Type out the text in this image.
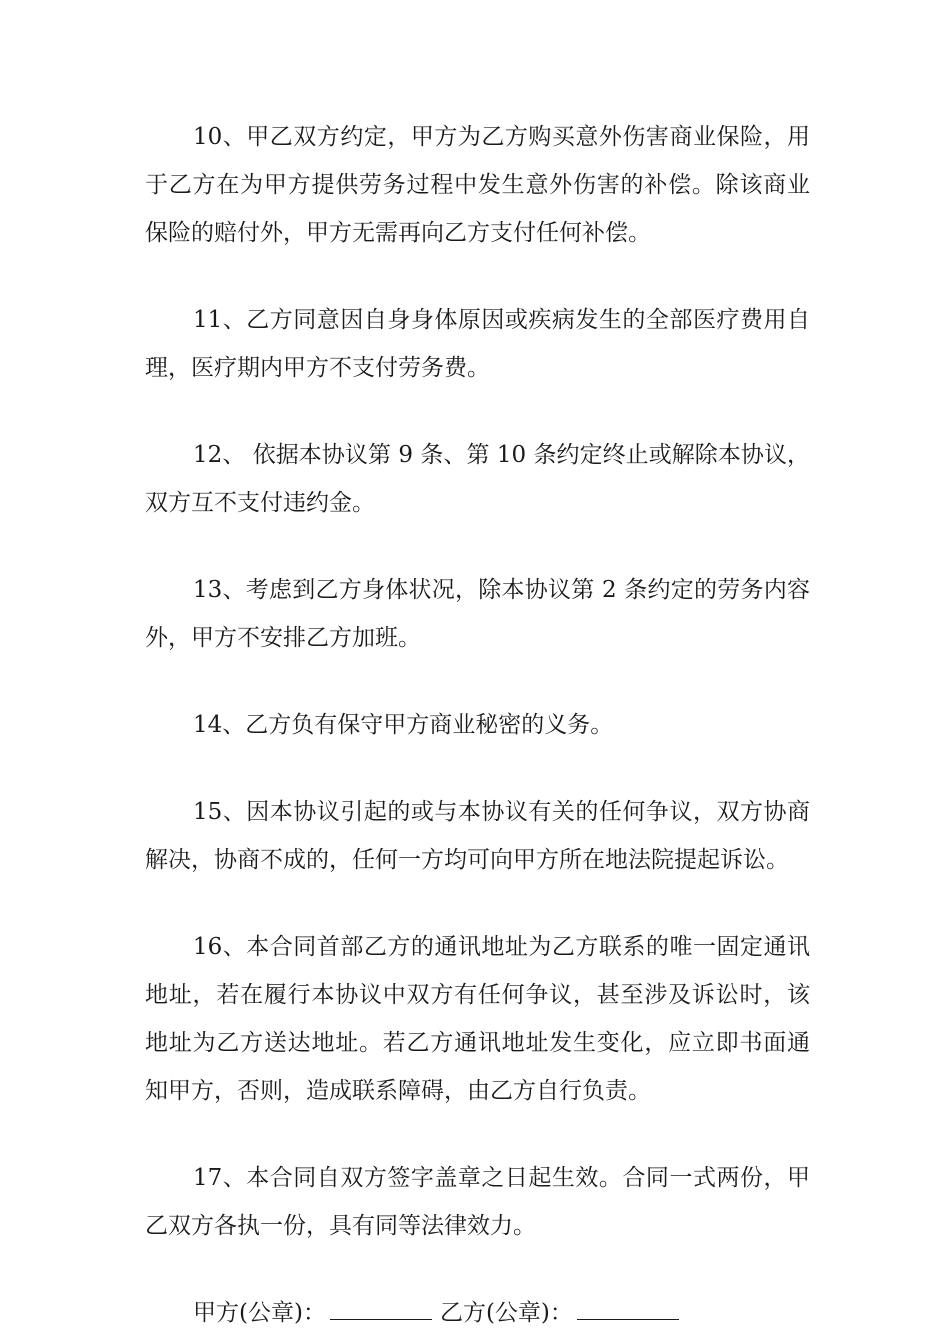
10、甲乙双方约定，甲方为乙方购买意外伤害商业保险，用于乙方在为甲方提供劳务过程中发生意外伤害的补偿。除该商业保险的赔付外，甲方无需再向乙方支付任何补偿。

11、乙方同意因自身身体原因或疾病发生的全部医疗费用自理，医疗期内甲方不支付劳务费。

12、 依据本协议第 9 条、第 10 条约定终止或解除本协议，双方互不支付违约金。

13、考虑到乙方身体状况，除本协议第 2 条约定的劳务内容外，甲方不安排乙方加班。

14、乙方负有保守甲方商业秘密的义务。

15、因本协议引起的或与本协议有关的任何争议，双方协商解决，协商不成的，任何一方均可向甲方所在地法院提起诉讼。

16、本合同首部乙方的通讯地址为乙方联系的唯一固定通讯地址，若在履行本协议中双方有任何争议，甚至涉及诉讼时，该地址为乙方送达地址。若乙方通讯地址发生变化，应立即书面通知甲方，否则，造成联系障碍，由乙方自行负责。

17、本合同自双方签字盖章之日起生效。合同一式两份，甲乙双方各执一份，具有同等法律效力。

甲方(公章)：	乙方(公章)：
